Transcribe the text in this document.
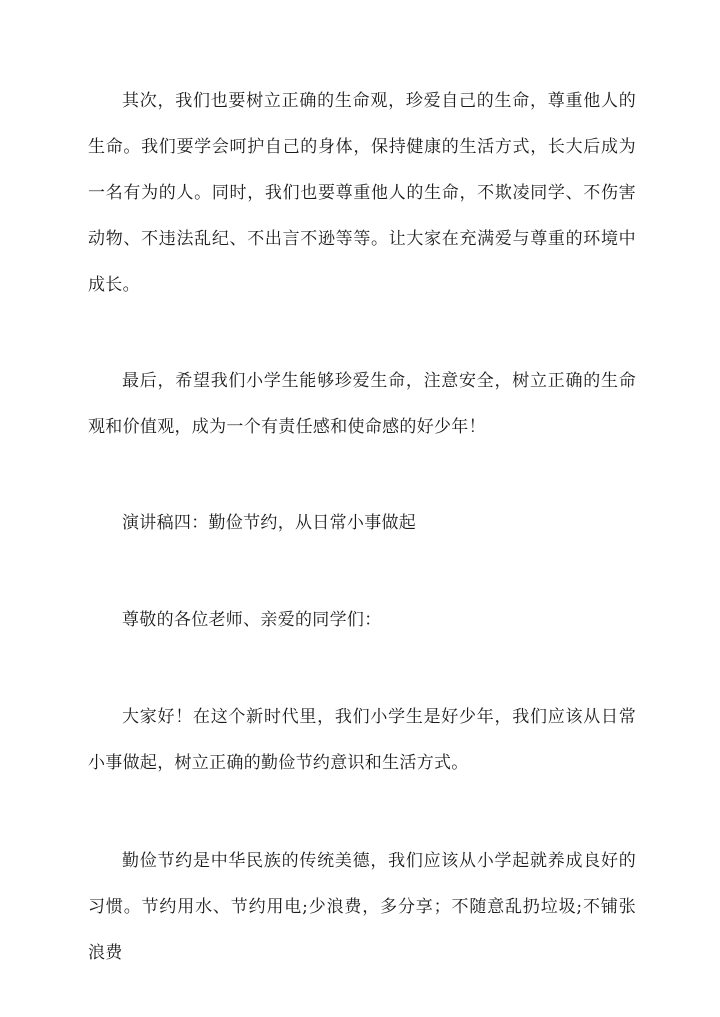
其次，我们也要树立正确的生命观，珍爱自己的生命，尊重他人的生命。我们要学会呵护自己的身体，保持健康的生活方式，长大后成为一名有为的人。同时，我们也要尊重他人的生命，不欺凌同学、不伤害动物、不违法乱纪、不出言不逊等等。让大家在充满爱与尊重的环境中成长。

最后，希望我们小学生能够珍爱生命，注意安全，树立正确的生命观和价值观，成为一个有责任感和使命感的好少年！

演讲稿四：勤俭节约，从日常小事做起

尊敬的各位老师、亲爱的同学们：

大家好！在这个新时代里，我们小学生是好少年，我们应该从日常小事做起，树立正确的勤俭节约意识和生活方式。

勤俭节约是中华民族的传统美德，我们应该从小学起就养成良好的习惯。节约用水、节约用电;少浪费，多分享；不随意乱扔垃圾;不铺张浪费
